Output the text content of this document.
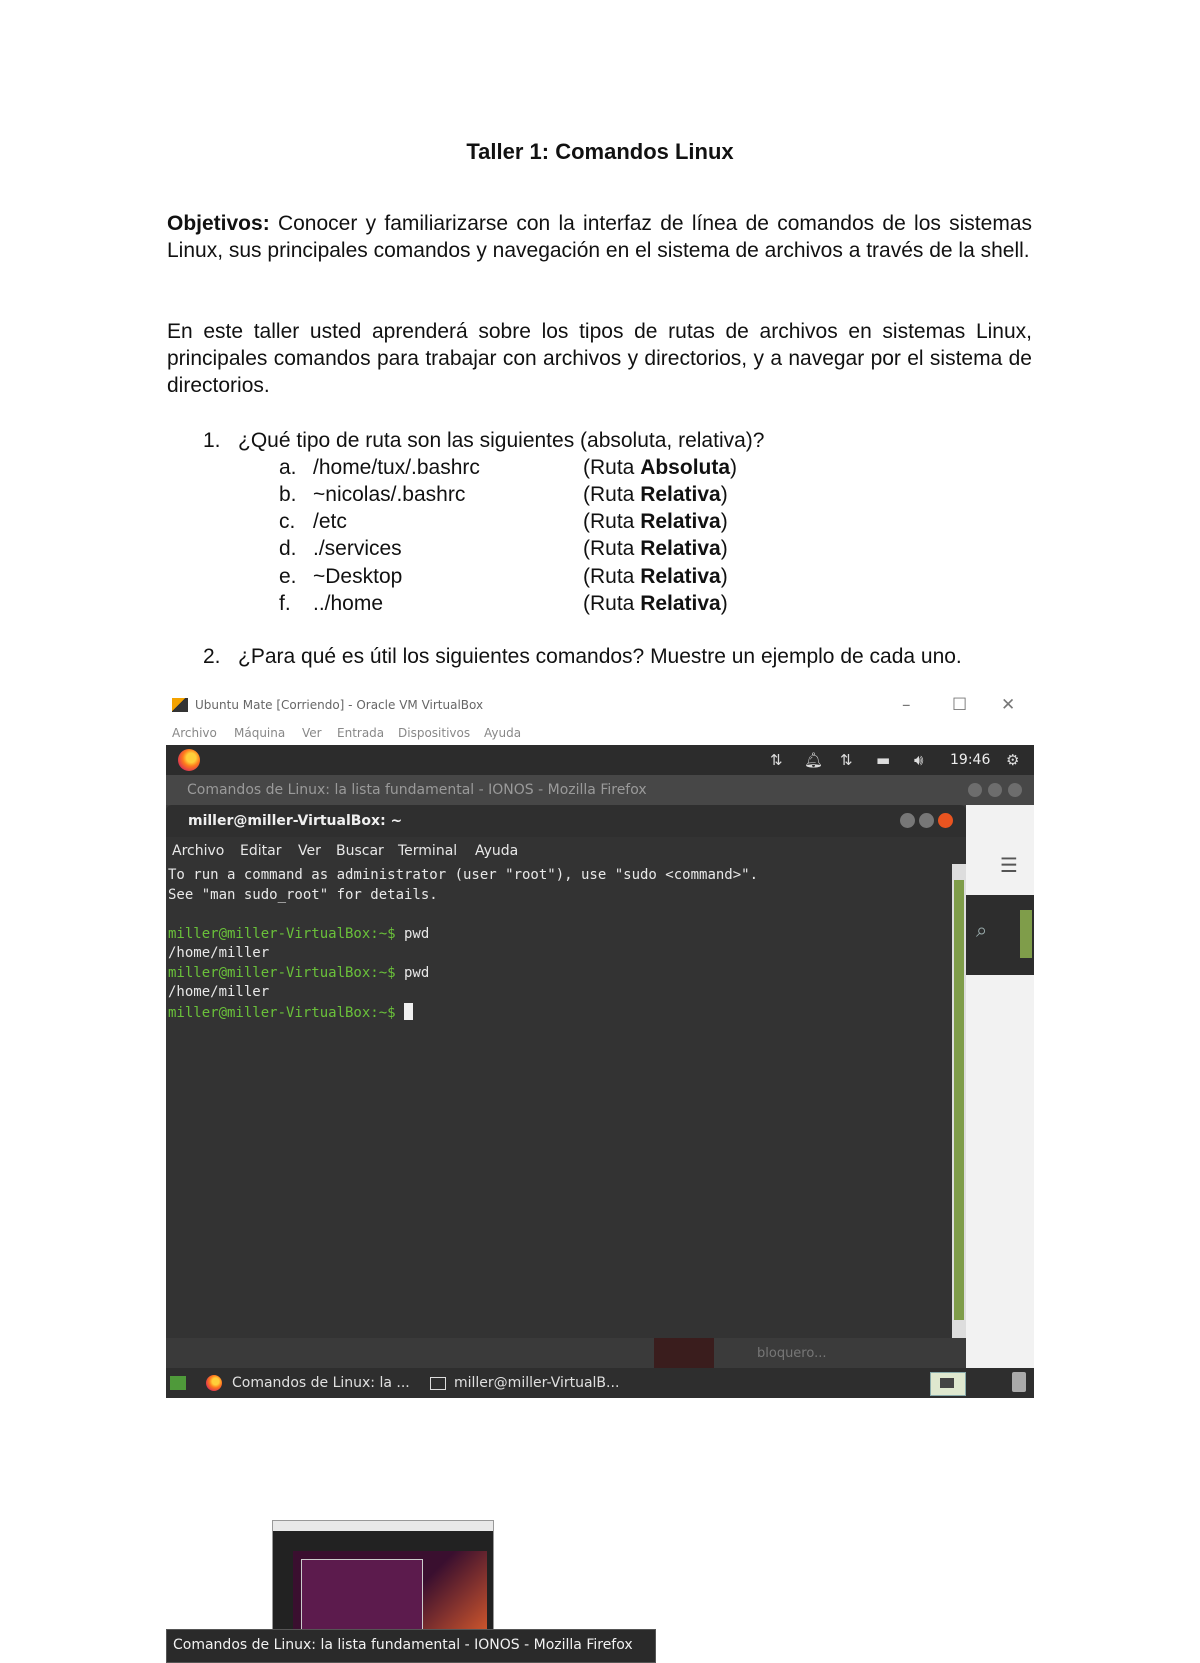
Taller 1: Comandos Linux

Objetivos: Conocer y familiarizarse con la interfaz de línea de comandos de los sistemas Linux, sus principales comandos y navegación en el sistema de archivos a través de la shell.

En este taller usted aprenderá sobre los tipos de rutas de archivos en sistemas Linux, principales comandos para trabajar con archivos y directorios, y a navegar por el sistema de directorios.

1. ¿Qué tipo de ruta son las siguientes (absoluta, relativa)?
a. /home/tux/.bashrc	(Ruta Absoluta)
b. ~nicolas/.bashrc	(Ruta Relativa)
c. /etc	(Ruta Relativa)
d. ./services	(Ruta Relativa)
e. ~Desktop	(Ruta Relativa)
f. ../home	(Ruta Relativa)
2. ¿Para qué es útil los siguientes comandos? Muestre un ejemplo de cada uno.
Ubuntu Mate [Corriendo] - Oracle VM VirtualBox	– ☐ ✕
Archivo Máquina Ver Entrada Dispositivos Ayuda
⇅ 🔔︎ ⇅ ▬ 🔊︎ 19:46 ⚙
Comandos de Linux: la lista fundamental - IONOS - Mozilla Firefox
☰
⌕
miller@miller-VirtualBox: ~
Archivo Editar Ver Buscar Terminal Ayuda
To run a command as administrator (user "root"), use "sudo <command>".
See "man sudo_root" for details.
miller@miller-VirtualBox:~$ pwd
/home/miller
miller@miller-VirtualBox:~$ pwd
/home/miller
miller@miller-VirtualBox:~$
bloquero...
Comandos de Linux: la lista fundamental - IONOS - Mozilla Firefox
Comandos de Linux: la ...	miller@miller-VirtualB...
